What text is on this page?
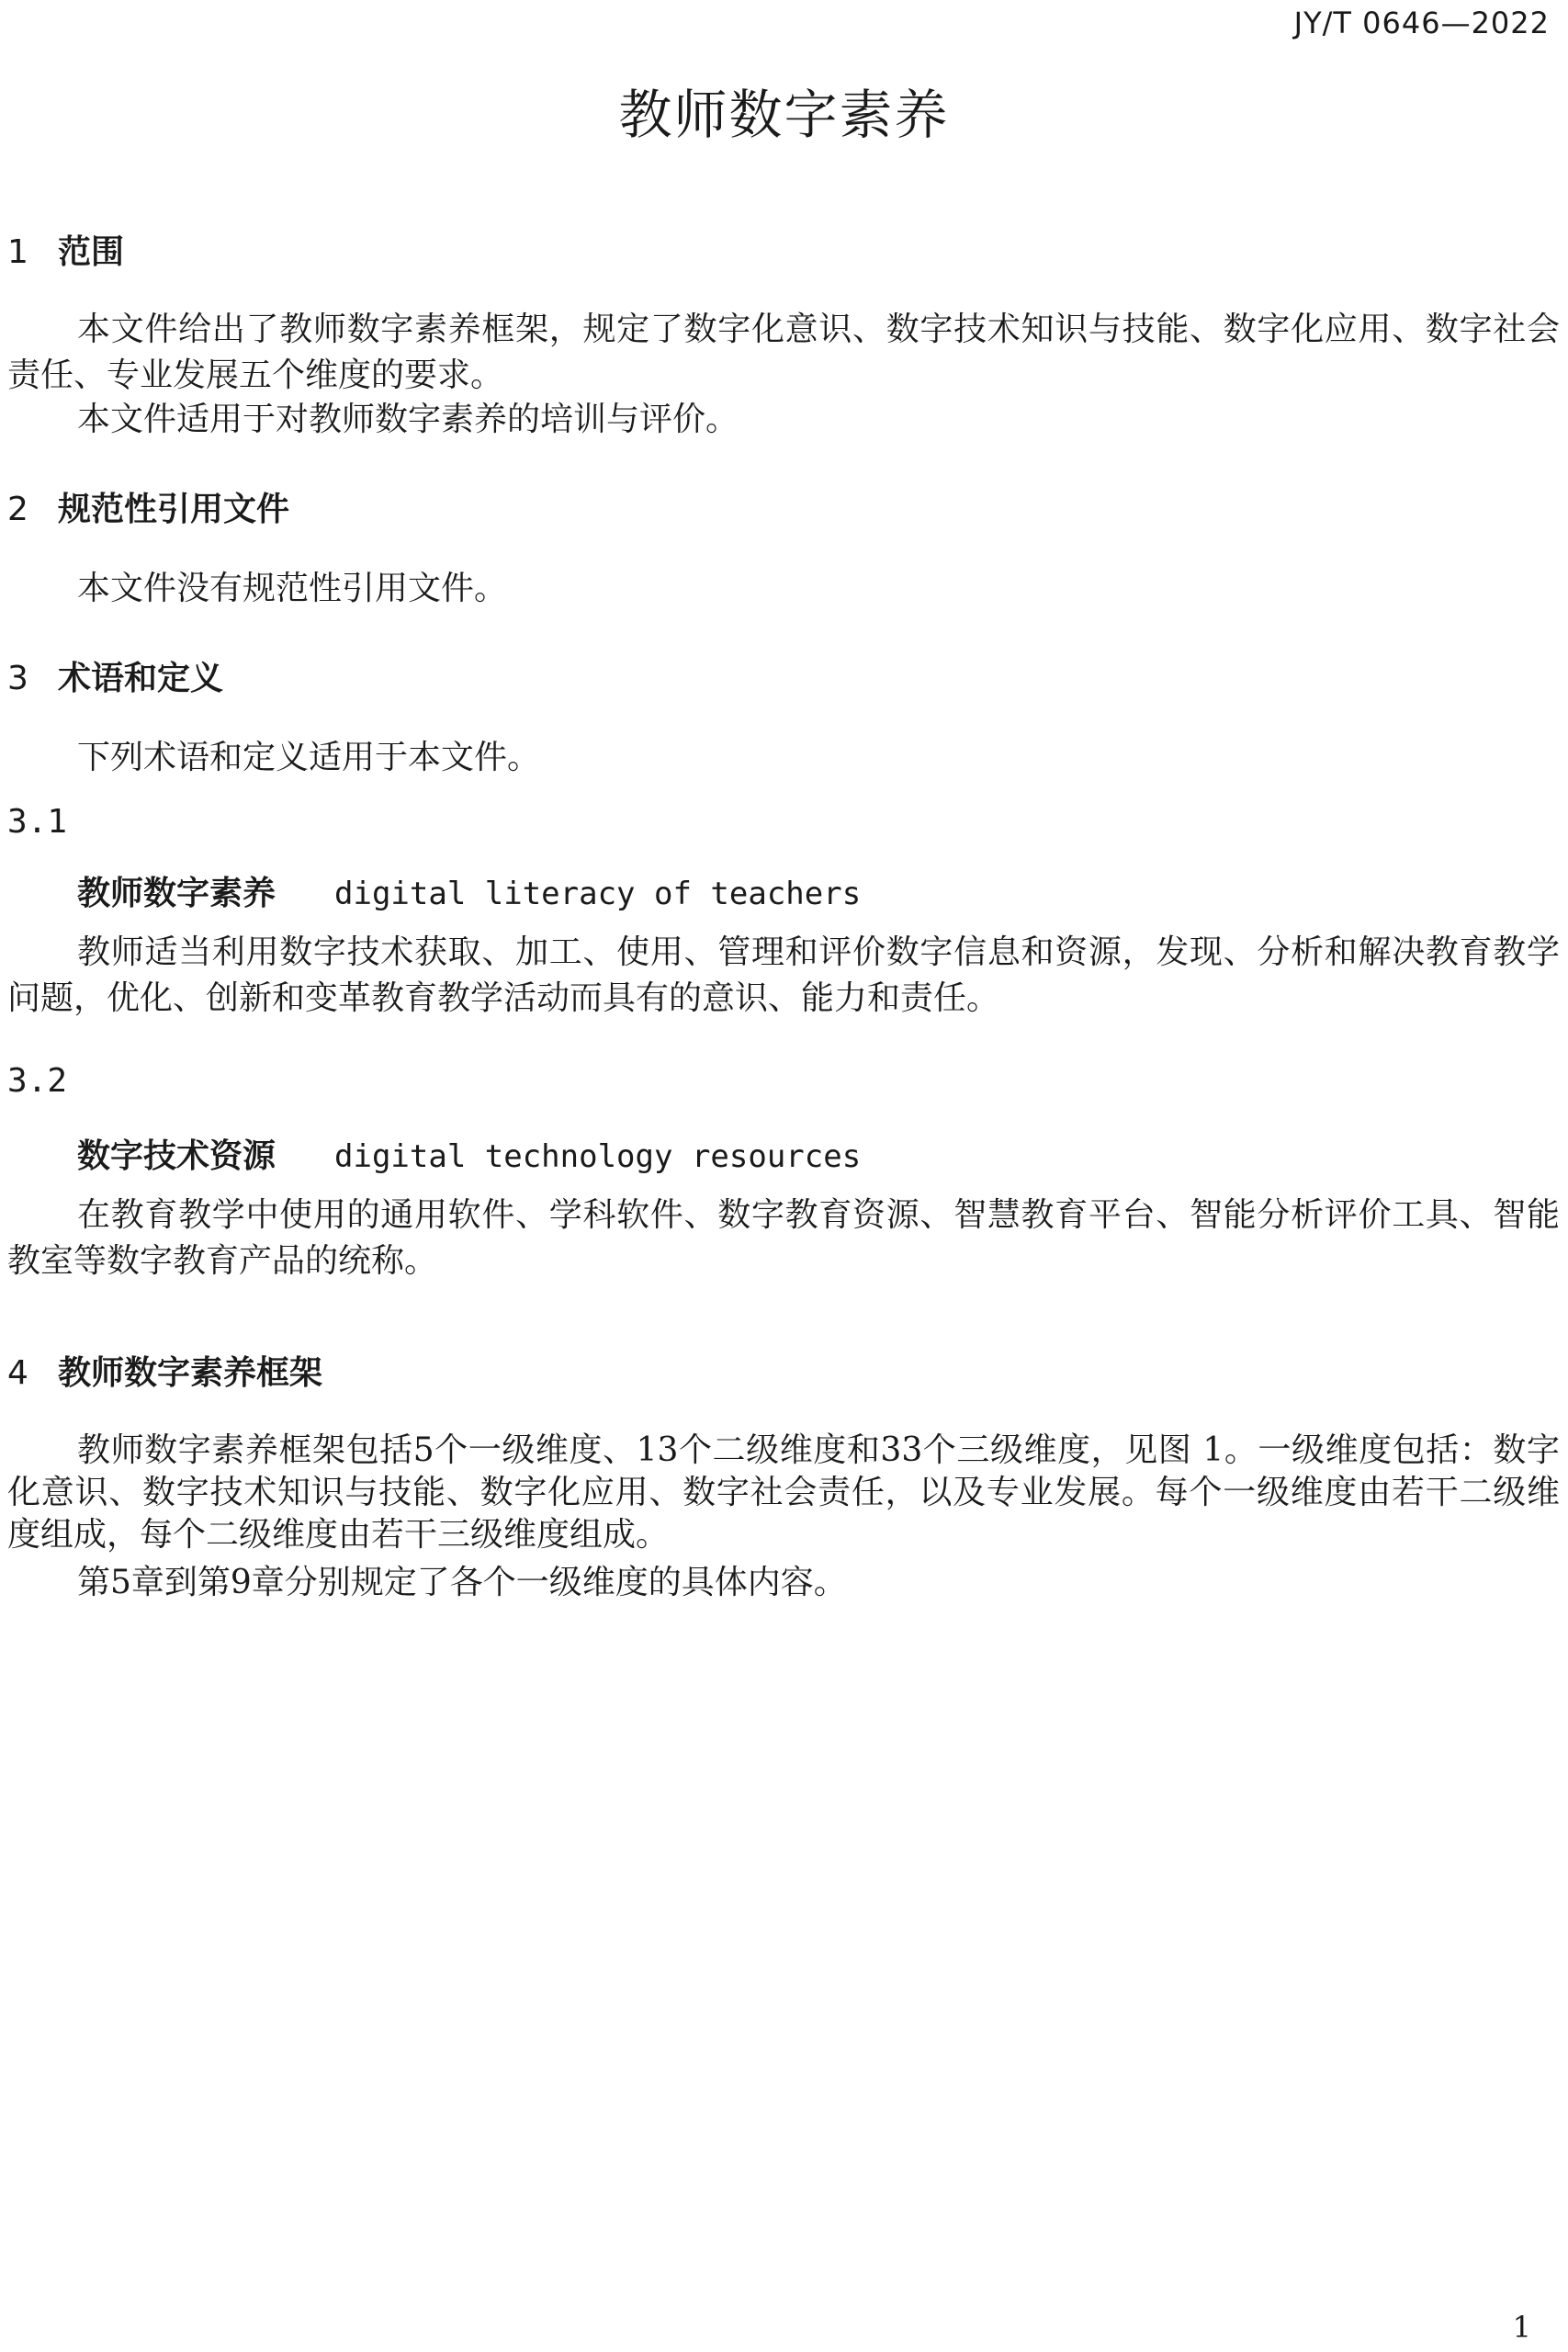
JY/T 0646—2022
教师数字素养
1 范围
本文件给出了教师数字素养框架，规定了数字化意识、数字技术知识与技能、数字化应用、数字社会责任、专业发展五个维度的要求。
本文件适用于对教师数字素养的培训与评价。
2 规范性引用文件
本文件没有规范性引用文件。
3 术语和定义
下列术语和定义适用于本文件。
3.1
教师数字素养 digital literacy of teachers
教师适当利用数字技术获取、加工、使用、管理和评价数字信息和资源，发现、分析和解决教育教学问题，优化、创新和变革教育教学活动而具有的意识、能力和责任。
3.2
数字技术资源 digital technology resources
在教育教学中使用的通用软件、学科软件、数字教育资源、智慧教育平台、智能分析评价工具、智能教室等数字教育产品的统称。
4 教师数字素养框架
教师数字素养框架包括5个一级维度、13个二级维度和33个三级维度，见图 1。一级维度包括：数字化意识、数字技术知识与技能、数字化应用、数字社会责任，以及专业发展。每个一级维度由若干二级维度组成，每个二级维度由若干三级维度组成。
第5章到第9章分别规定了各个一级维度的具体内容。
1
